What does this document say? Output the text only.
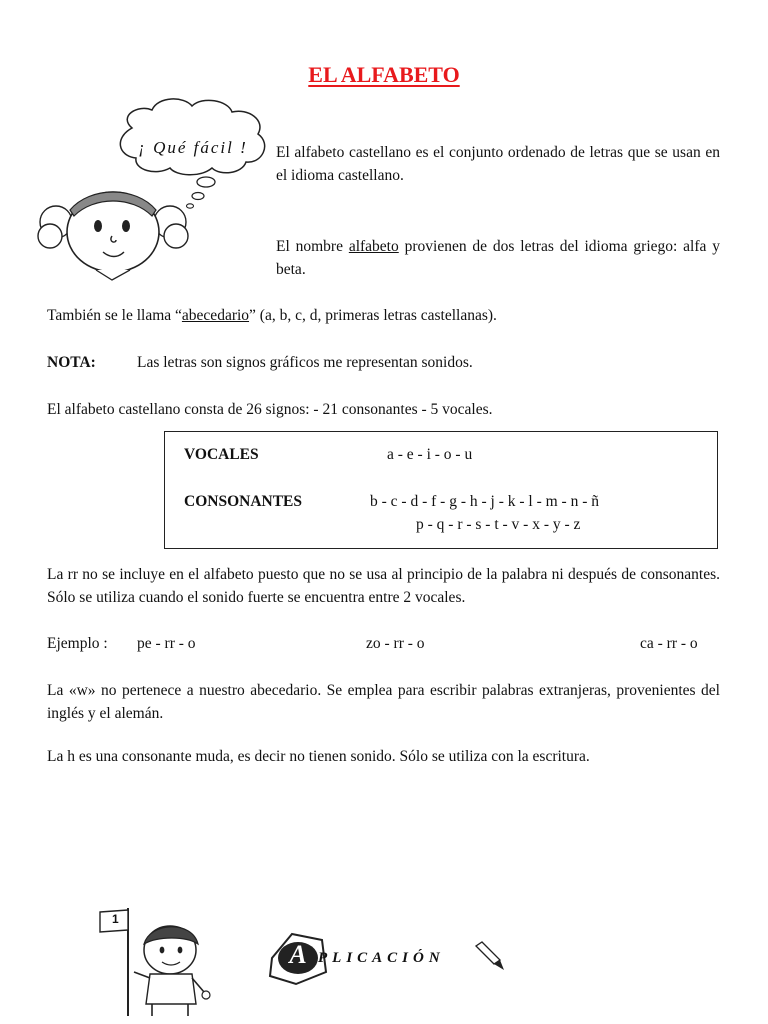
EL ALFABETO
¡ Qué fácil ! El alfabeto castellano es el conjunto ordenado de letras que se usan en el idioma castellano.
El nombre alfabeto provienen de dos letras del idioma griego: alfa y beta.
También se le llama “abecedario” (a, b, c, d, primeras letras castellanas).
NOTA:	Las letras son signos gráficos me representan sonidos.
El alfabeto castellano consta de 26 signos: - 21 consonantes - 5 vocales.
VOCALES	a - e - i - o - u
CONSONANTES	b - c - d - f - g - h - j - k - l - m - n - ñ
p - q - r - s - t - v - x - y - z
La rr no se incluye en el alfabeto puesto que no se usa al principio de la palabra ni después de consonantes. Sólo se utiliza cuando el sonido fuerte se encuentra entre 2 vocales.
Ejemplo : pe - rr - o	zo - rr - o	ca - rr - o
La «w» no pertenece a nuestro abecedario. Se emplea para escribir palabras extranjeras, provenientes del inglés y el alemán.
La h es una consonante muda, es decir no tienen sonido. Sólo se utiliza con la escritura.
1
A PLICACIÓN
